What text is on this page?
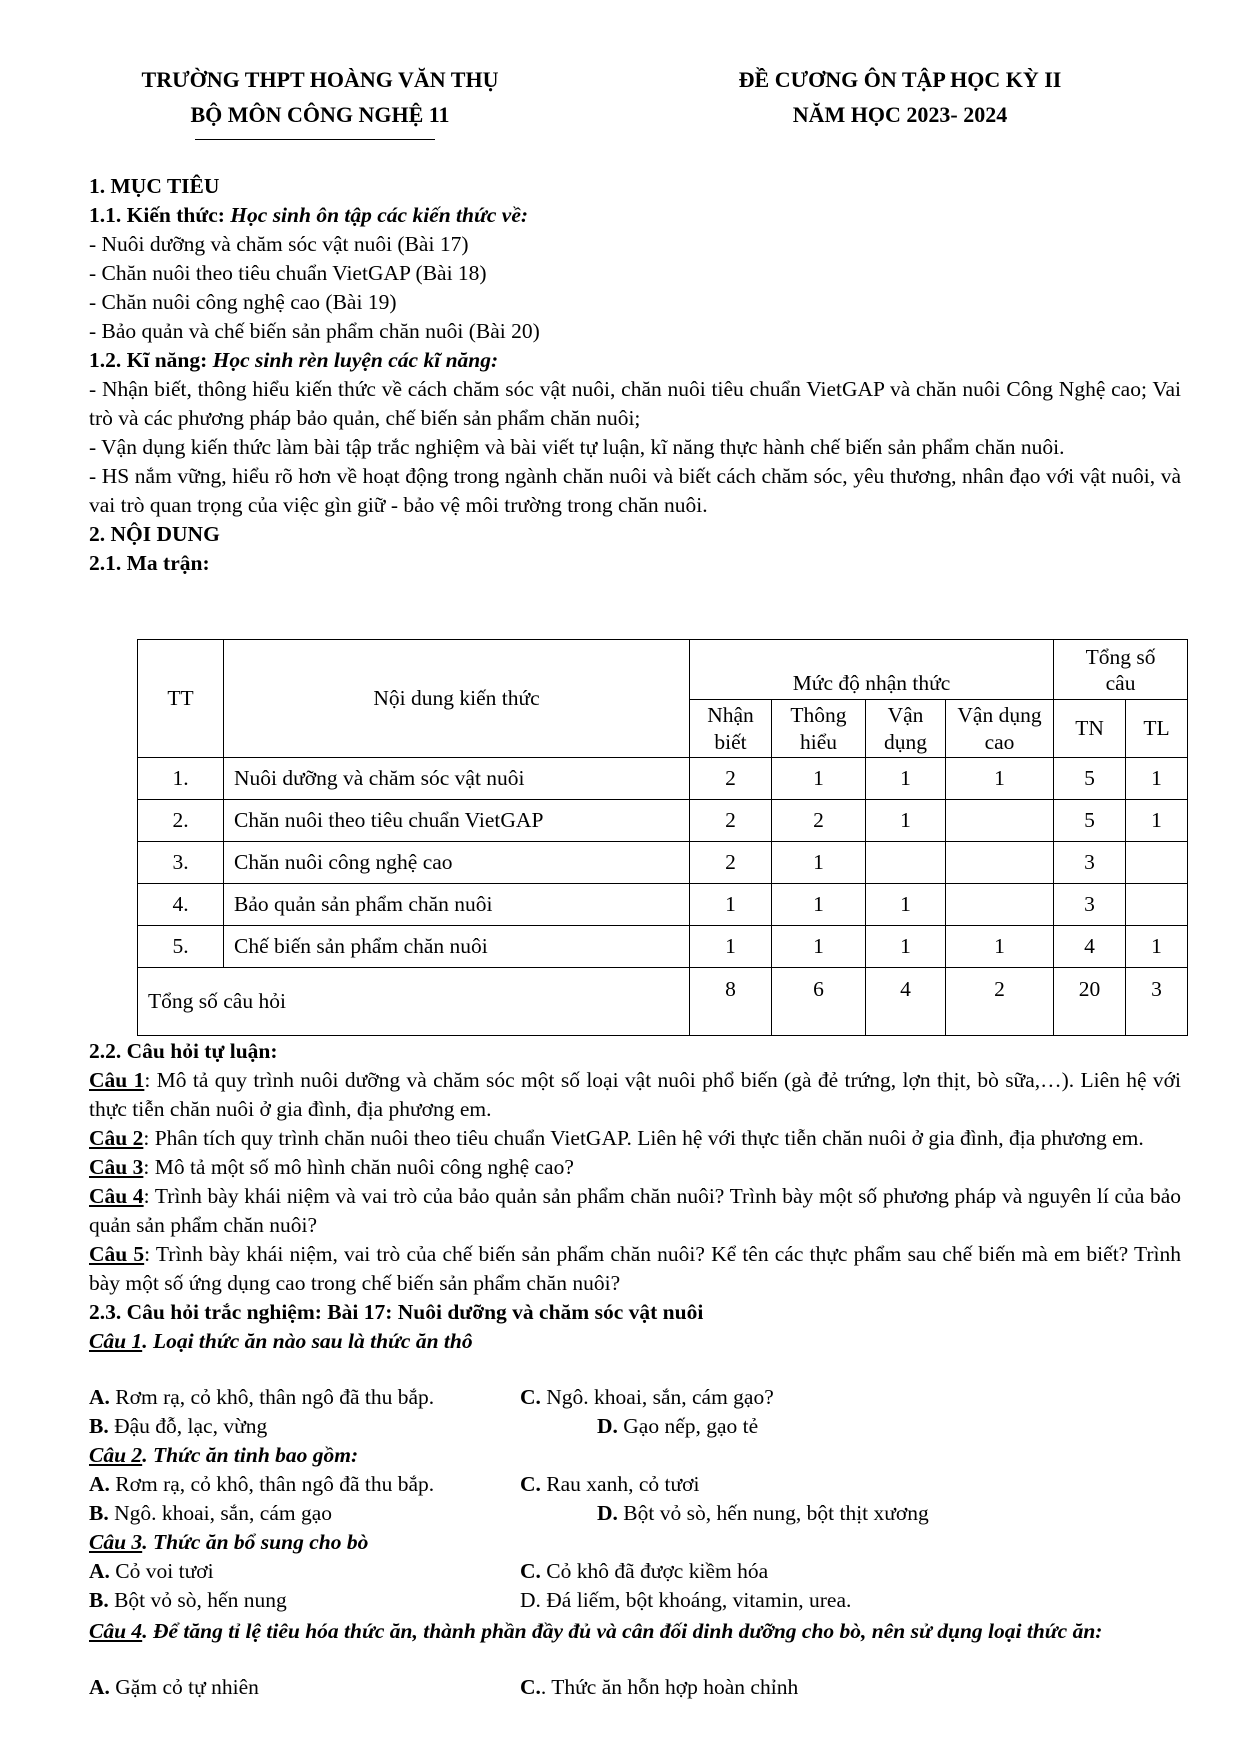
TRƯỜNG THPT HOÀNG VĂN THỤ
BỘ MÔN CÔNG NGHỆ 11
ĐỀ CƯƠNG ÔN TẬP HỌC KỲ II
NĂM HỌC 2023- 2024
1. MỤC TIÊU
1.1. Kiến thức: Học sinh ôn tập các kiến thức về:
- Nuôi dưỡng và chăm sóc vật nuôi (Bài 17)
- Chăn nuôi theo tiêu chuẩn VietGAP (Bài 18)
- Chăn nuôi công nghệ cao (Bài 19)
- Bảo quản và chế biến sản phẩm chăn nuôi (Bài 20)
1.2. Kĩ năng: Học sinh rèn luyện các kĩ năng:
- Nhận biết, thông hiểu kiến thức về cách chăm sóc vật nuôi, chăn nuôi tiêu chuẩn VietGAP và chăn nuôi Công Nghệ cao; Vai trò và các phương pháp bảo quản, chế biến sản phẩm chăn nuôi;
- Vận dụng kiến thức làm bài tập trắc nghiệm và bài viết tự luận, kĩ năng thực hành chế biến sản phẩm chăn nuôi.
- HS nắm vững, hiểu rõ hơn về hoạt động trong ngành chăn nuôi và biết cách chăm sóc, yêu thương, nhân đạo với vật nuôi, và vai trò quan trọng của việc gìn giữ - bảo vệ môi trường trong chăn nuôi.
2. NỘI DUNG
2.1. Ma trận:
TT	Nội dung kiến thức	Mức độ nhận thức				Tổng số câu	
		Nhận biết	Thông hiểu	Vận dụng	Vận dụng cao	TN	TL
1.	Nuôi dưỡng và chăm sóc vật nuôi	2	1	1	1	5	1
2.	Chăn nuôi theo tiêu chuẩn VietGAP	2	2	1		5	1
3.	Chăn nuôi công nghệ cao	2	1			3	
4.	Bảo quản sản phẩm chăn nuôi	1	1	1		3	
5.	Chế biến sản phẩm chăn nuôi	1	1	1	1	4	1
Tổng số câu hỏi		8	6	4	2	20	3
2.2. Câu hỏi tự luận:
Câu 1: Mô tả quy trình nuôi dưỡng và chăm sóc một số loại vật nuôi phổ biến (gà đẻ trứng, lợn thịt, bò sữa,…). Liên hệ với thực tiễn chăn nuôi ở gia đình, địa phương em.
Câu 2: Phân tích quy trình chăn nuôi theo tiêu chuẩn VietGAP. Liên hệ với thực tiễn chăn nuôi ở gia đình, địa phương em.
Câu 3: Mô tả một số mô hình chăn nuôi công nghệ cao?
Câu 4: Trình bày khái niệm và vai trò của bảo quản sản phẩm chăn nuôi? Trình bày một số phương pháp và nguyên lí của bảo quản sản phẩm chăn nuôi?
Câu 5: Trình bày khái niệm, vai trò của chế biến sản phẩm chăn nuôi? Kể tên các thực phẩm sau chế biến mà em biết? Trình bày một số ứng dụng cao trong chế biến sản phẩm chăn nuôi?
2.3. Câu hỏi trắc nghiệm: Bài 17: Nuôi dưỡng và chăm sóc vật nuôi
Câu 1. Loại thức ăn nào sau là thức ăn thô
A. Rơm rạ, cỏ khô, thân ngô đã thu bắp.	C. Ngô. khoai, sắn, cám gạo?
B. Đậu đỗ, lạc, vừng	D. Gạo nếp, gạo tẻ
Câu 2. Thức ăn tinh bao gồm:
A. Rơm rạ, cỏ khô, thân ngô đã thu bắp.	C. Rau xanh, cỏ tươi
B. Ngô. khoai, sắn, cám gạo	D. Bột vỏ sò, hến nung, bột thịt xương
Câu 3. Thức ăn bổ sung cho bò
A. Cỏ voi tươi	C. Cỏ khô đã được kiềm hóa
B. Bột vỏ sò, hến nung	D. Đá liếm, bột khoáng, vitamin, urea.
Câu 4. Để tăng tỉ lệ tiêu hóa thức ăn, thành phần đầy đủ và cân đối dinh dưỡng cho bò, nên sử dụng loại thức ăn:
A. Gặm cỏ tự nhiên	C.. Thức ăn hỗn hợp hoàn chỉnh
